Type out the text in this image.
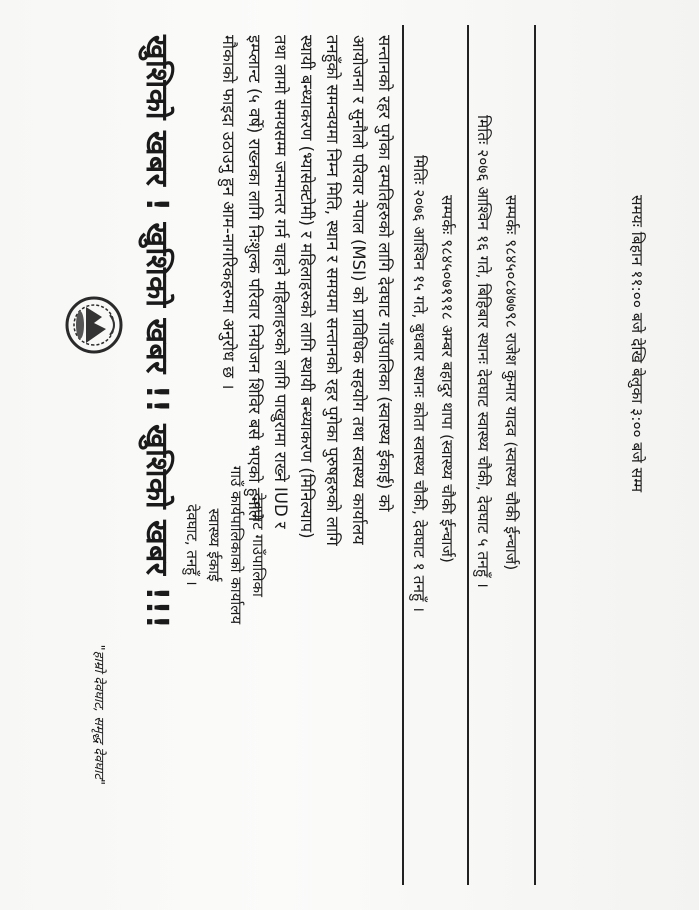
"हाम्रो देवघाट, समृद्ध देवघाट"
खुशिको खबर ! खुशिको खबर !! खुशिको खबर !!!	सन्तानको रहर पुगेका दम्पतिहरुको लागि देवघाट गाउँपालिका (स्वास्थ्य ईकाई) को
आयोजना र सुनौलो परिवार नेपाल (MSI) को प्राविधिक सहयोग तथा स्वास्थ्य कार्यालय
तनहुँको समन्वयमा निम्न मिति, स्थान र समयमा सन्तानको रहर पुगेका पुरुषहरुको लागि
स्थायी बन्ध्याकरण (भ्यासेक्टोमी) र महिलाहरुको लागि स्थायी बन्ध्याकरण (मिनिल्याप)
तथा लामो समयसम्म जन्मान्तर गर्न चाहने महिलाहरुको लागि पाखुरामा राख्ने IUD र
इम्प्लान्ट (५ वर्षे) राख्नका लागि निःशुल्क परिवार नियोजन शिविर बसे भएको हुनाले
मौकाको फाइदा उठाउनु हुन आम-नागरिकहरुमा अनुरोध छ ।	मितिः २०७६ आश्विन १५ गते, बुधबार स्थानः कोता स्वास्थ्य चौकी, देवघाट १ तनहुँ । सम्पर्कः ९८४५०७१९१८ अम्बर बहादुर थापा (स्वास्थ्य चौकी ईन्चार्ज) मितिः २०७६ आश्विन १६ गते, बिहिबार स्थानः देवघाट स्वास्थ्य चौकी, देवघाट ५ तनहुँ । सम्पर्कः ९८४५०८४७७९८ राजेश कुमार यादव (स्वास्थ्य चौकी ईन्चार्ज)	समयः बिहान ११:०० बजे देखि बेलुका ३:०० बजे सम्म
देवघाट गाउँपालिका
गाउँ कार्यपालिकाको कार्यालय
स्वास्थ्य ईकाई
देवघाट, तनहुँ ।
